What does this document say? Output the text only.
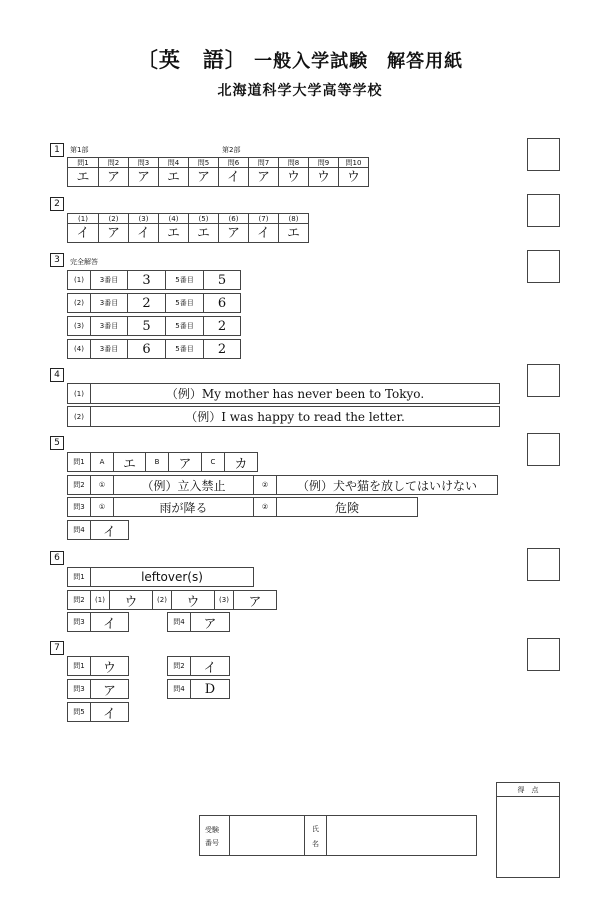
〔英　語〕 一般入学試験　解答用紙
北海道科学大学高等学校
1	第1部	第2部
問1	問2	問3	問4	問5	問6	問7	問8	問9	問10
エ	ア	ア	エ	ア	イ	ア	ウ	ウ	ウ
2
(1)	(2)	(3)	(4)	(5)	(6)	(7)	(8)
イ	ア	イ	エ	エ	ア	イ	エ
3	完全解答
(1)	3番目	3	5番目	5
(2)	3番目	2	5番目	6
(3)	3番目	5	5番目	2
(4)	3番目	6	5番目	2
4
(1)	（例）My mother has never been to Tokyo.
(2)	（例）I was happy to read the letter.
5
問1	A	エ	B	ア	C	カ
問2	①	（例）立入禁止	②	（例）犬や猫を放してはいけない
問3	①	雨が降る	②	危険
問4	イ
6
問1	leftover(s)
問2	(1)	ウ	(2)	ウ	(3)	ア
問3	イ	問4	ア
7
問1	ウ	問2	イ
問3	ア	問4	D
問5	イ
受験
番号
氏
名
得　点
